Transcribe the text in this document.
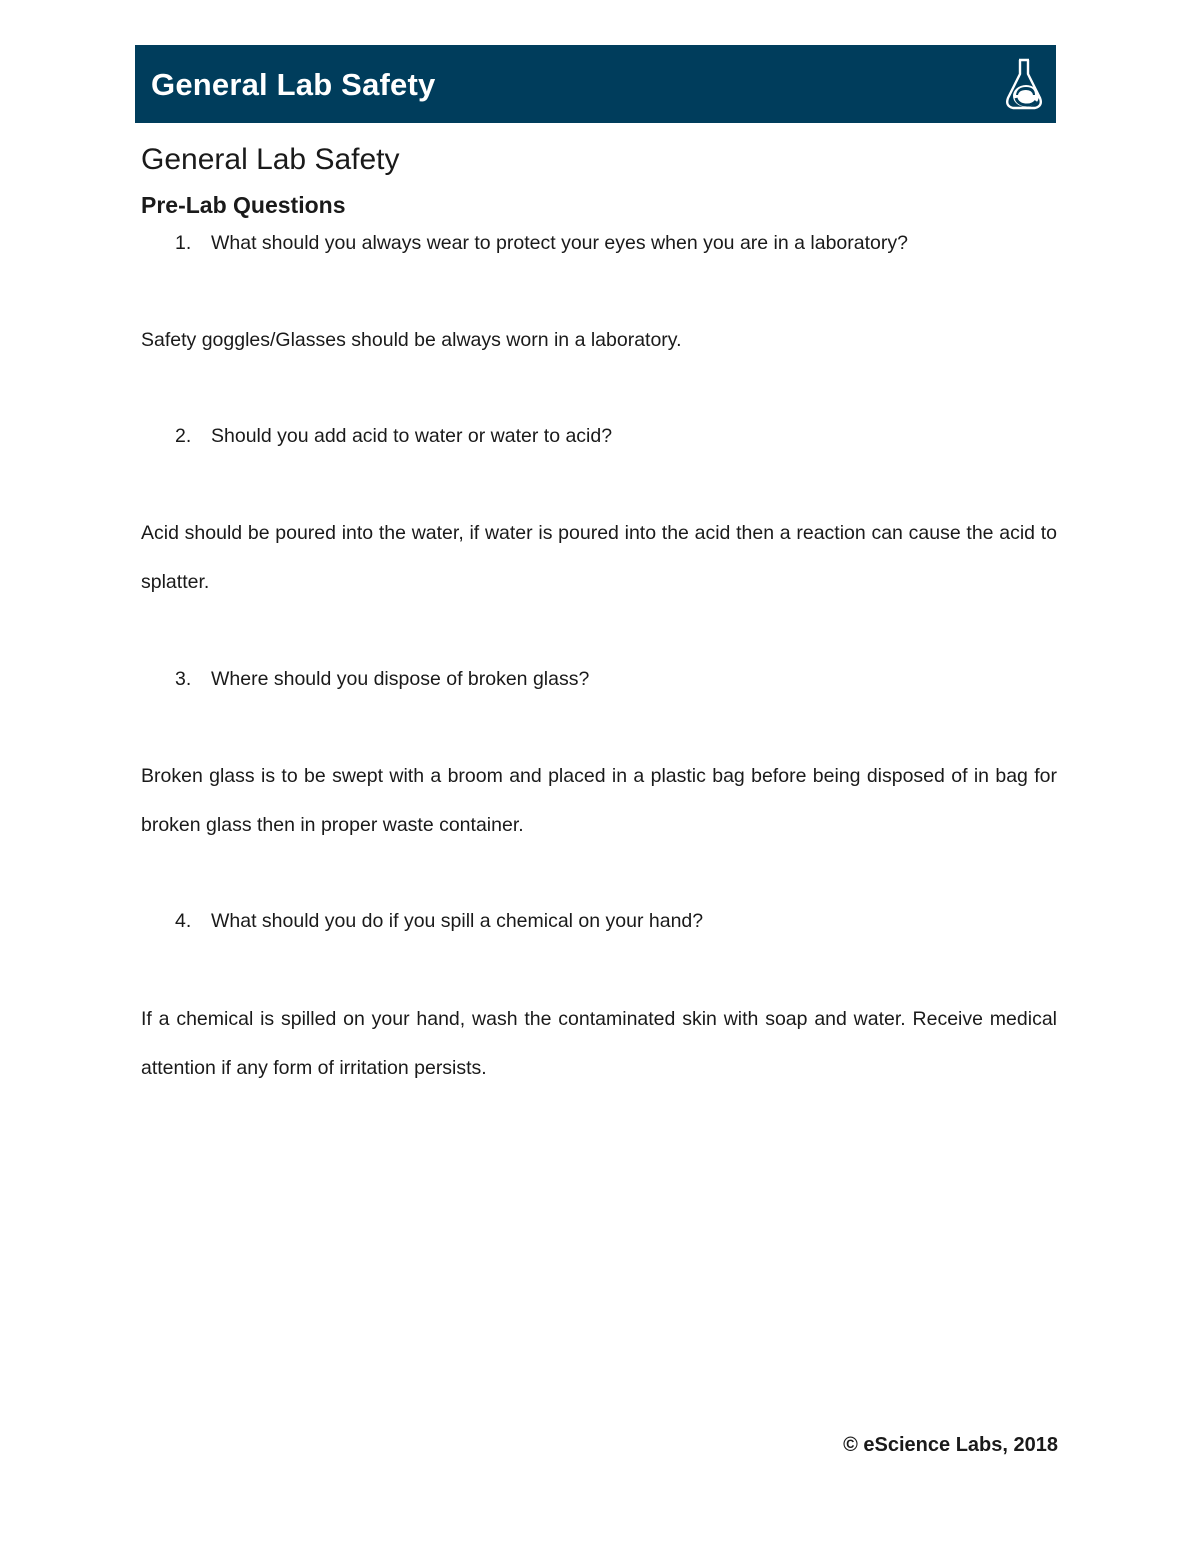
General Lab Safety
General Lab Safety
Pre-Lab Questions
1. What should you always wear to protect your eyes when you are in a laboratory?

Safety goggles/Glasses should be always worn in a laboratory.

2. Should you add acid to water or water to acid?

Acid should be poured into the water, if water is poured into the acid then a reaction can cause the acid to splatter.

3. Where should you dispose of broken glass?

Broken glass is to be swept with a broom and placed in a plastic bag before being disposed of in bag for broken glass then in proper waste container.

4. What should you do if you spill a chemical on your hand?

If a chemical is spilled on your hand, wash the contaminated skin with soap and water. Receive medical attention if any form of irritation persists.

© eScience Labs, 2018
